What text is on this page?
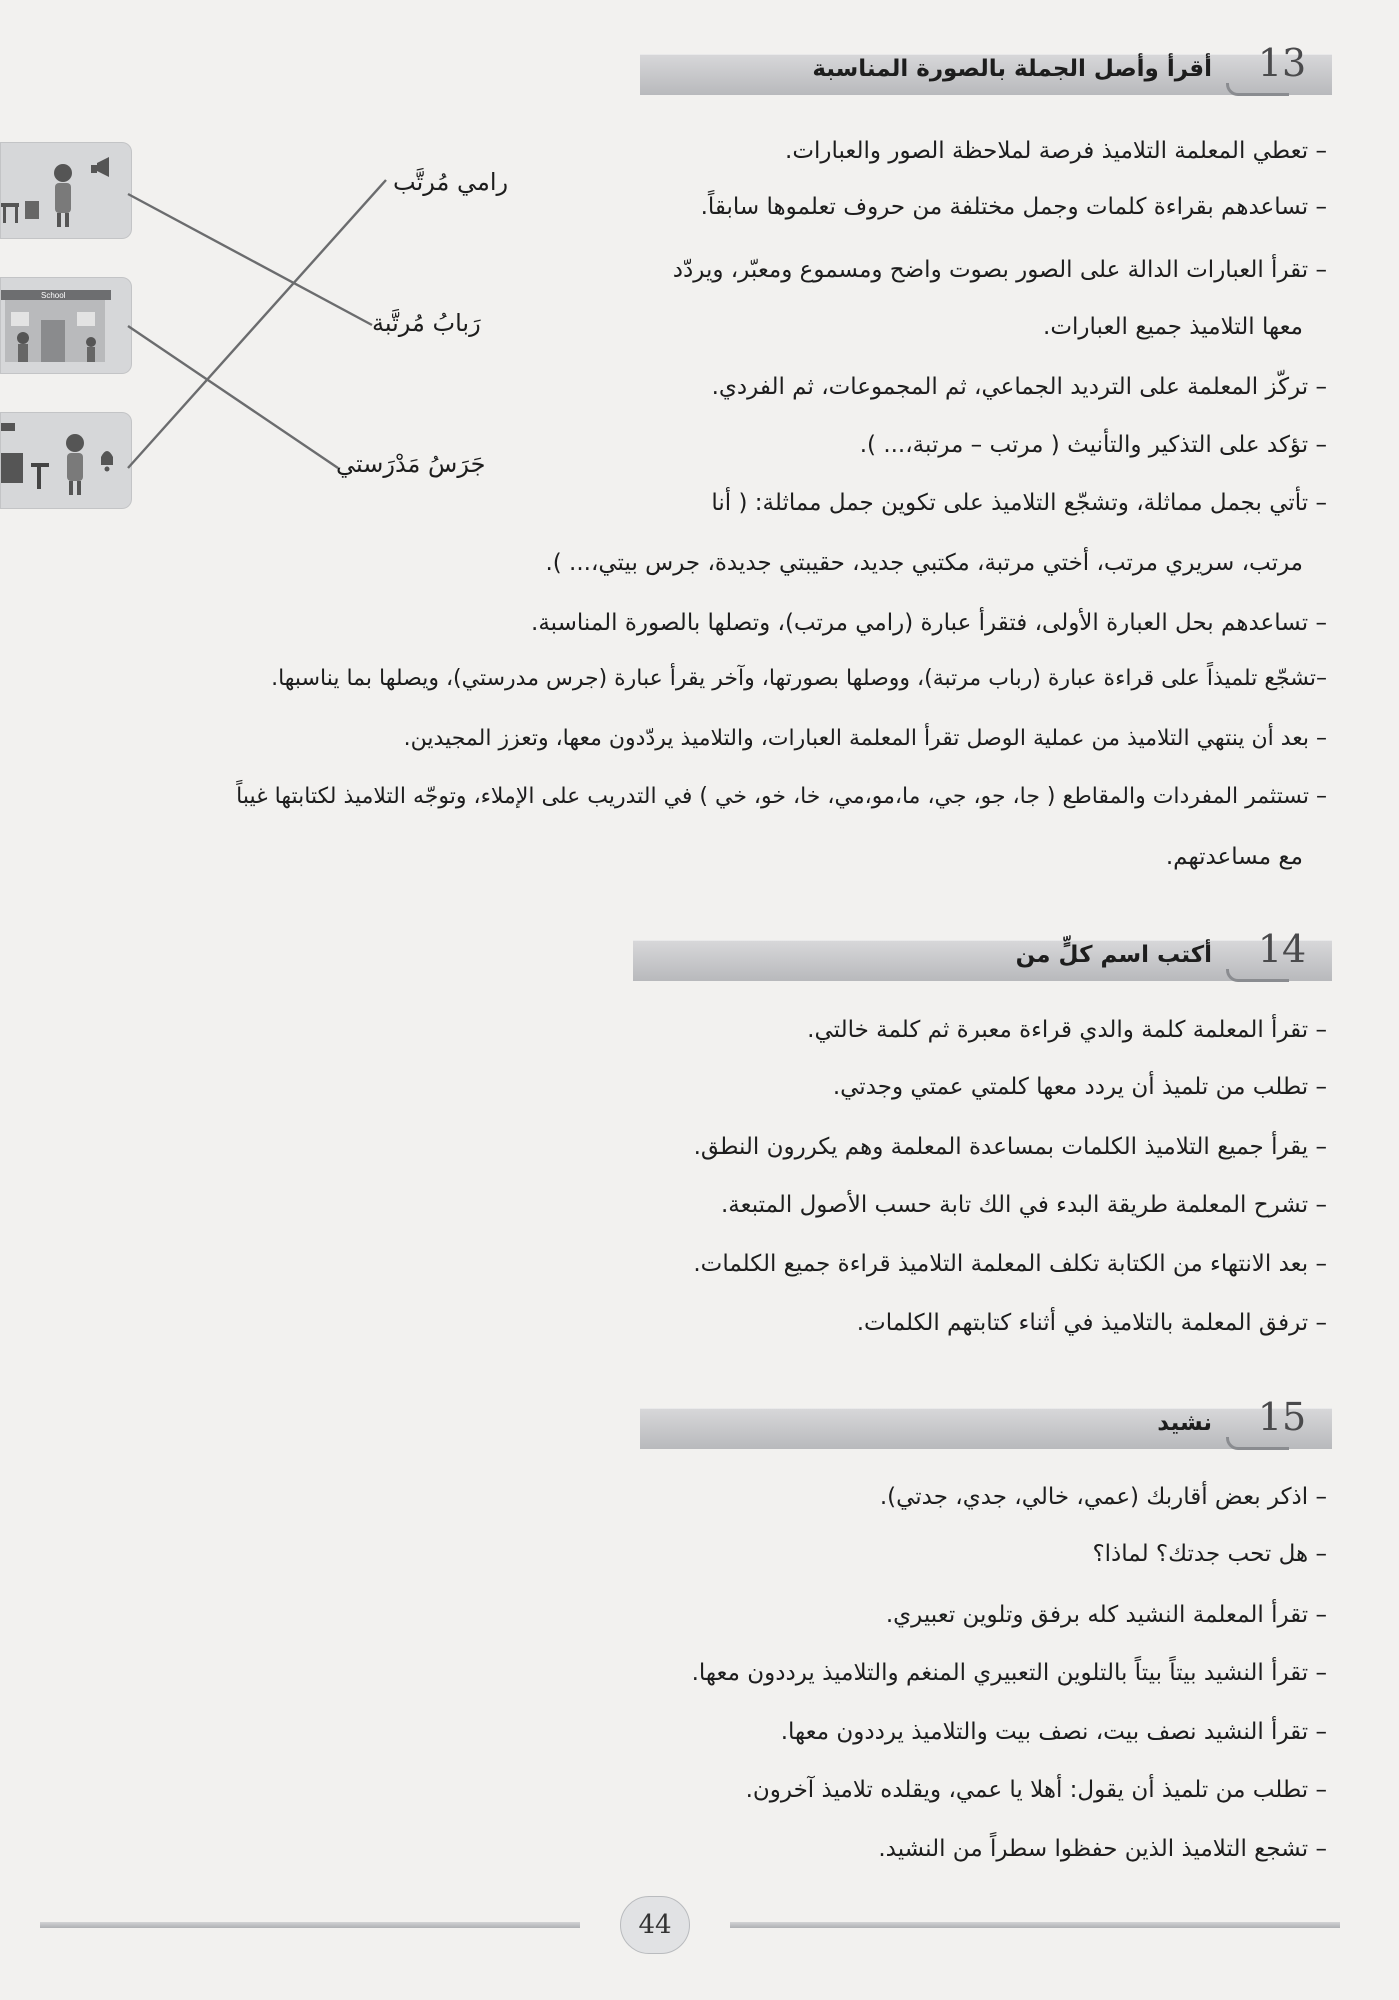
أقرأ وأصل الجملة بالصورة المناسبة	13
– تعطي المعلمة التلاميذ فرصة لملاحظة الصور والعبارات.
– تساعدهم بقراءة كلمات وجمل مختلفة من حروف تعلموها سابقاً.
– تقرأ العبارات الدالة على الصور بصوت واضح ومسموع ومعبّر، ويردّد
معها التلاميذ جميع العبارات.
– تركّز المعلمة على الترديد الجماعي، ثم المجموعات، ثم الفردي.
– تؤكد على التذكير والتأنيث ( مرتب – مرتبة،... ).
– تأتي بجمل مماثلة، وتشجّع التلاميذ على تكوين جمل مماثلة: ( أنا
مرتب، سريري مرتب، أختي مرتبة، مكتبي جديد، حقيبتي جديدة، جرس بيتي،... ).
– تساعدهم بحل العبارة الأولى، فتقرأ عبارة (رامي مرتب)، وتصلها بالصورة المناسبة.
–تشجّع تلميذاً على قراءة عبارة (رباب مرتبة)، ووصلها بصورتها، وآخر يقرأ عبارة (جرس مدرستي)، ويصلها بما يناسبها.
– بعد أن ينتهي التلاميذ من عملية الوصل تقرأ المعلمة العبارات، والتلاميذ يردّدون معها، وتعزز المجيدين.
– تستثمر المفردات والمقاطع ( جا، جو، جي، ما،مو،مي، خا، خو، خي ) في التدريب على الإملاء، وتوجّه التلاميذ لكتابتها غيباً
مع مساعدتهم.
School
رامي مُرتَّب
رَبابُ مُرتَّبة
جَرَسُ مَدْرَستي
أكتب اسم كلٍّ من	14
– تقرأ المعلمة كلمة والدي قراءة معبرة ثم كلمة خالتي.
– تطلب من تلميذ أن يردد معها كلمتي عمتي وجدتي.
– يقرأ جميع التلاميذ الكلمات بمساعدة المعلمة وهم يكررون النطق.
– تشرح المعلمة طريقة البدء في الك تابة حسب الأصول المتبعة.
– بعد الانتهاء من الكتابة تكلف المعلمة التلاميذ قراءة جميع الكلمات.
– ترفق المعلمة بالتلاميذ في أثناء كتابتهم الكلمات.
نشيد	15
– اذكر بعض أقاربك (عمي، خالي، جدي، جدتي).
– هل تحب جدتك؟ لماذا؟
– تقرأ المعلمة النشيد كله برفق وتلوين تعبيري.
– تقرأ النشيد بيتاً بيتاً بالتلوين التعبيري المنغم والتلاميذ يرددون معها.
– تقرأ النشيد نصف بيت، نصف بيت والتلاميذ يرددون معها.
– تطلب من تلميذ أن يقول: أهلا يا عمي، ويقلده تلاميذ آخرون.
– تشجع التلاميذ الذين حفظوا سطراً من النشيد.
44
